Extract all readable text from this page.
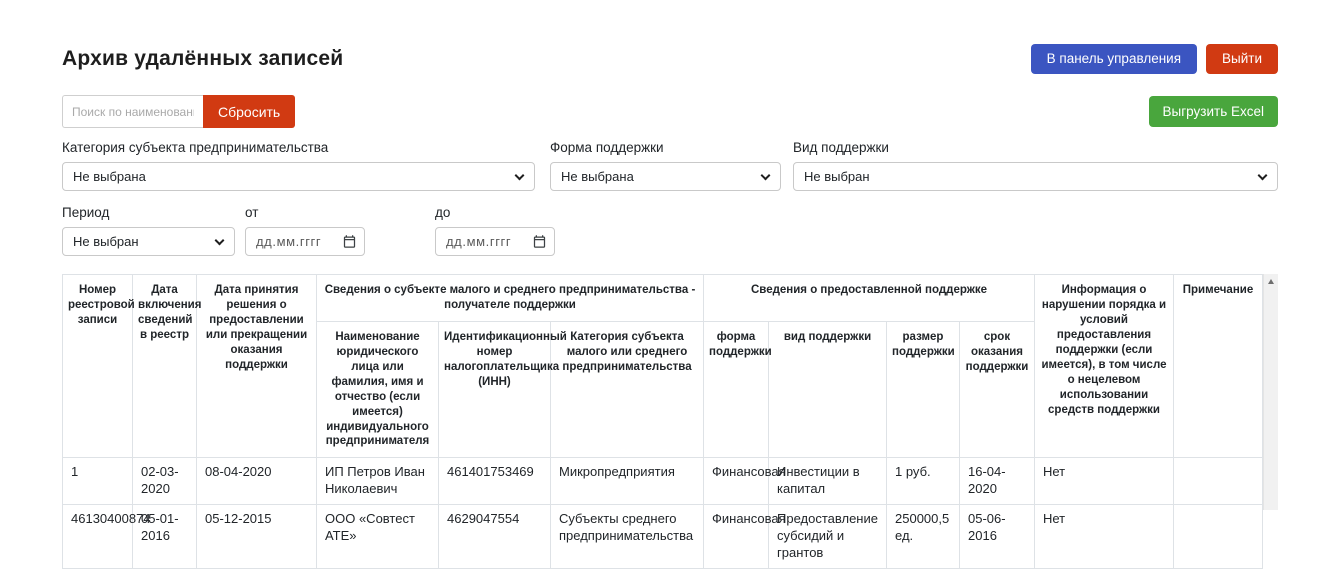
Архив удалённых записей	В панель управления	Выйти
Поиск по наименованию
Сбросить	Выгрузить Excel
Категория субъекта предпринимательства
Не выбрана	Форма поддержки
Не выбрана	Вид поддержки
Не выбран
Период
Не выбран	от
дд.мм.гггг	до
дд.мм.гггг
Номер реестровой записи	Дата включения сведений в реестр	Дата принятия решения о предоставлении или прекращении оказания поддержки	Сведения о субъекте малого и среднего предпринимательства - получателе поддержки			Сведения о предоставленной поддержке				Информация о нарушении порядка и условий предоставления поддержки (если имеется), в том числе о нецелевом использовании средств поддержки	Примечание
			Наименование юридического лица или фамилия, имя и отчество (если имеется) индивидуального предпринимателя	Идентификационный номер налогоплательщика (ИНН)	Категория субъекта малого или среднего предпринимательства	форма поддержки	вид поддержки	размер поддержки	срок оказания поддержки		
1	02-03-2020	08-04-2020	ИП Петров Иван Николаевич	461401753469	Микропредприятия	Финансовая	Инвестиции в капитал	1 руб.	16-04-2020	Нет	
46130400874	05-01-2016	05-12-2015	ООО «Совтест АТЕ»	4629047554	Субъекты среднего предпринимательства	Финансовая	Предоставление субсидий и грантов	250000,5 ед.	05-06-2016	Нет	
